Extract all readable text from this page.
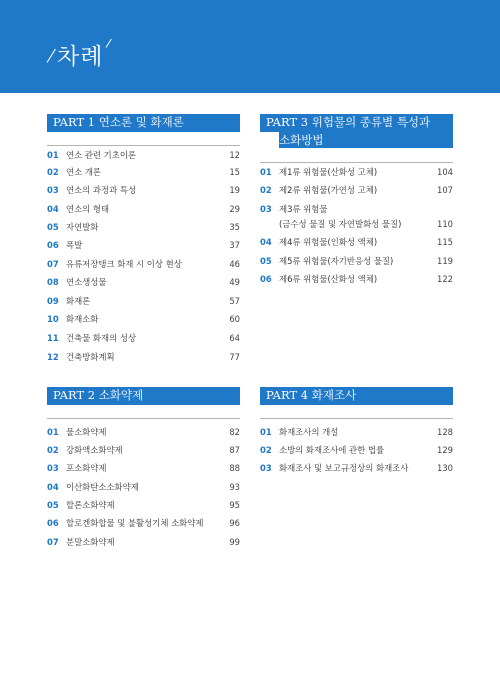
차례
PART 1 연소론 및 화재론
01 연소 관련 기초이론	12
02 연소 개론	15
03 연소의 과정과 특성	19
04 연소의 형태	29
05 자연발화	35
06 폭발	37
07 유류저장탱크 화재 시 이상 현상	46
08 연소생성물	49
09 화재론	57
10 화재소화	60
11 건축물 화재의 성상	64
12 건축방화계획	77
PART 3 위험물의 종류별 특성과
소화방법
01 제1류 위험물(산화성 고체)	104
02 제2류 위험물(가연성 고체)	107
03 제3류 위험물
(금수성 물질 및 자연발화성 물질)	110
04 제4류 위험물(인화성 액체)	115
05 제5류 위험물(자기반응성 물질)	119
06 제6류 위험물(산화성 액체)	122
PART 2 소화약제
01 물소화약제	82
02 강화액소화약제	87
03 포소화약제	88
04 이산화탄소소화약제	93
05 할론소화약제	95
06 할로겐화합물 및 불활성기체 소화약제	96
07 분말소화약제	99
PART 4 화재조사
01 화재조사의 개설	128
02 소방의 화재조사에 관한 법률	129
03 화재조사 및 보고규정상의 화재조사	130
